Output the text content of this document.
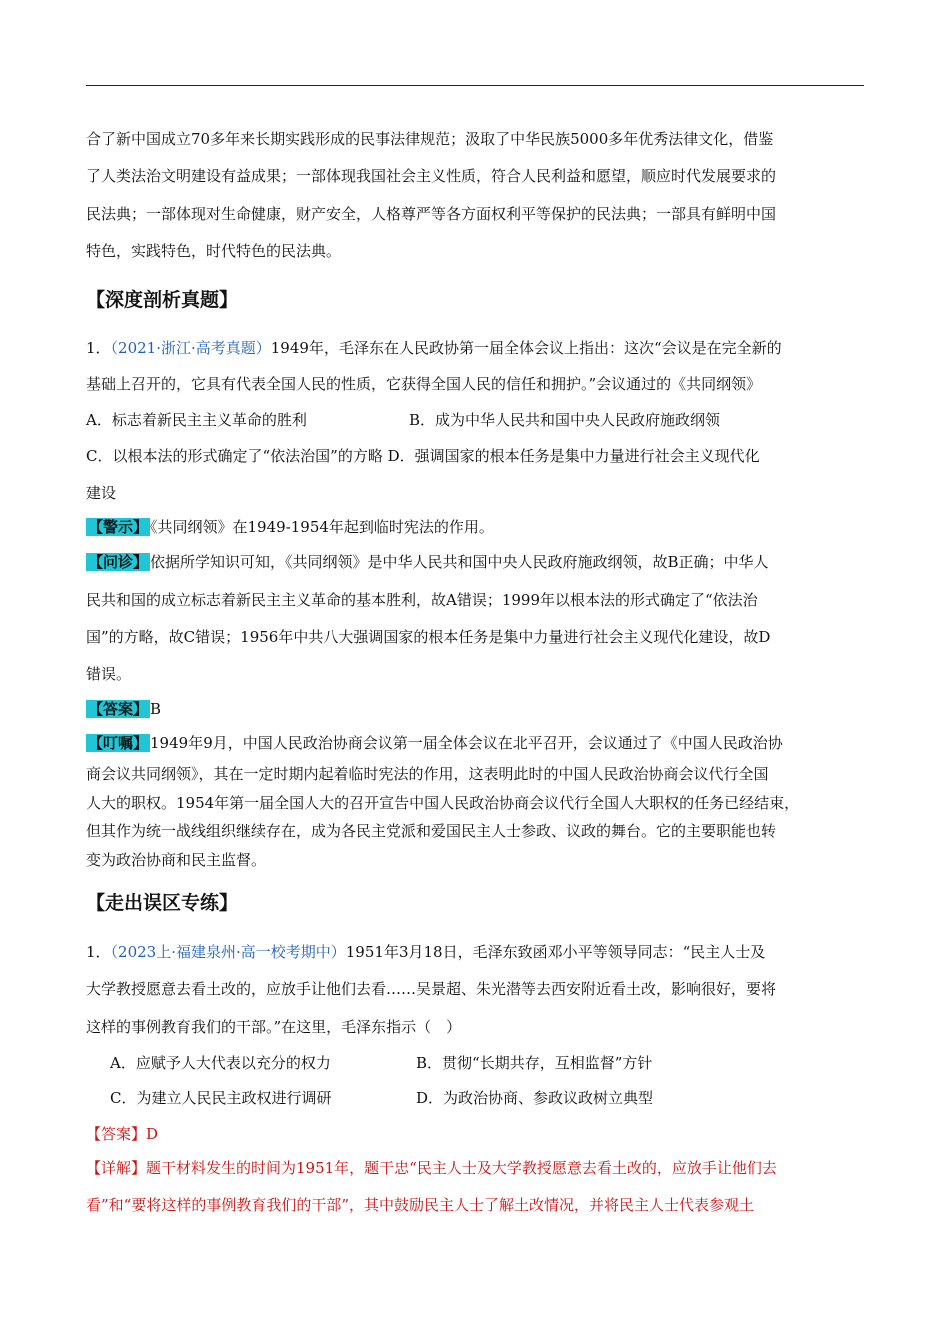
合了新中国成立70多年来长期实践形成的民事法律规范；汲取了中华民族5000多年优秀法律文化，借鉴

了人类法治文明建设有益成果；一部体现我国社会主义性质，符合人民利益和愿望，顺应时代发展要求的

民法典；一部体现对生命健康，财产安全，人格尊严等各方面权利平等保护的民法典；一部具有鲜明中国

特色，实践特色，时代特色的民法典。

【深度剖析真题】

1．（2021·浙江·高考真题）1949年，毛泽东在人民政协第一届全体会议上指出：这次“会议是在完全新的

基础上召开的，它具有代表全国人民的性质，它获得全国人民的信任和拥护。”会议通过的《共同纲领》

A．标志着新民主主义革命的胜利	B．成为中华人民共和国中央人民政府施政纲领

C．以根本法的形式确定了“依法治国”的方略 D．强调国家的根本任务是集中力量进行社会主义现代化

建设

【警示】 《共同纲领》在1949-1954年起到临时宪法的作用。

【问诊】 依据所学知识可知，《共同纲领》是中华人民共和国中央人民政府施政纲领，故B正确；中华人

民共和国的成立标志着新民主主义革命的基本胜利，故A错误；1999年以根本法的形式确定了“依法治

国”的方略，故C错误；1956年中共八大强调国家的根本任务是集中力量进行社会主义现代化建设，故D

错误。

【答案】 B

【叮嘱】 1949年9月，中国人民政治协商会议第一届全体会议在北平召开，会议通过了《中国人民政治协

商会议共同纲领》，其在一定时期内起着临时宪法的作用，这表明此时的中国人民政治协商会议代行全国

人大的职权。1954年第一届全国人大的召开宣告中国人民政治协商会议代行全国人大职权的任务已经结束，

但其作为统一战线组织继续存在，成为各民主党派和爱国民主人士参政、议政的舞台。它的主要职能也转

变为政治协商和民主监督。

【走出误区专练】

1．（2023上·福建泉州·高一校考期中）1951年3月18日，毛泽东致函邓小平等领导同志：“民主人士及

大学教授愿意去看土改的，应放手让他们去看……吴景超、朱光潜等去西安附近看土改，影响很好，要将

这样的事例教育我们的干部。”在这里，毛泽东指示（　）

A．应赋予人大代表以充分的权力	B．贯彻“长期共存，互相监督”方针

C．为建立人民民主政权进行调研	D．为政治协商、参政议政树立典型

【答案】D

【详解】题干材料发生的时间为1951年，题干忠“民主人士及大学教授愿意去看土改的，应放手让他们去

看”和“要将这样的事例教育我们的干部”，其中鼓励民主人士了解土改情况，并将民主人士代表参观土
